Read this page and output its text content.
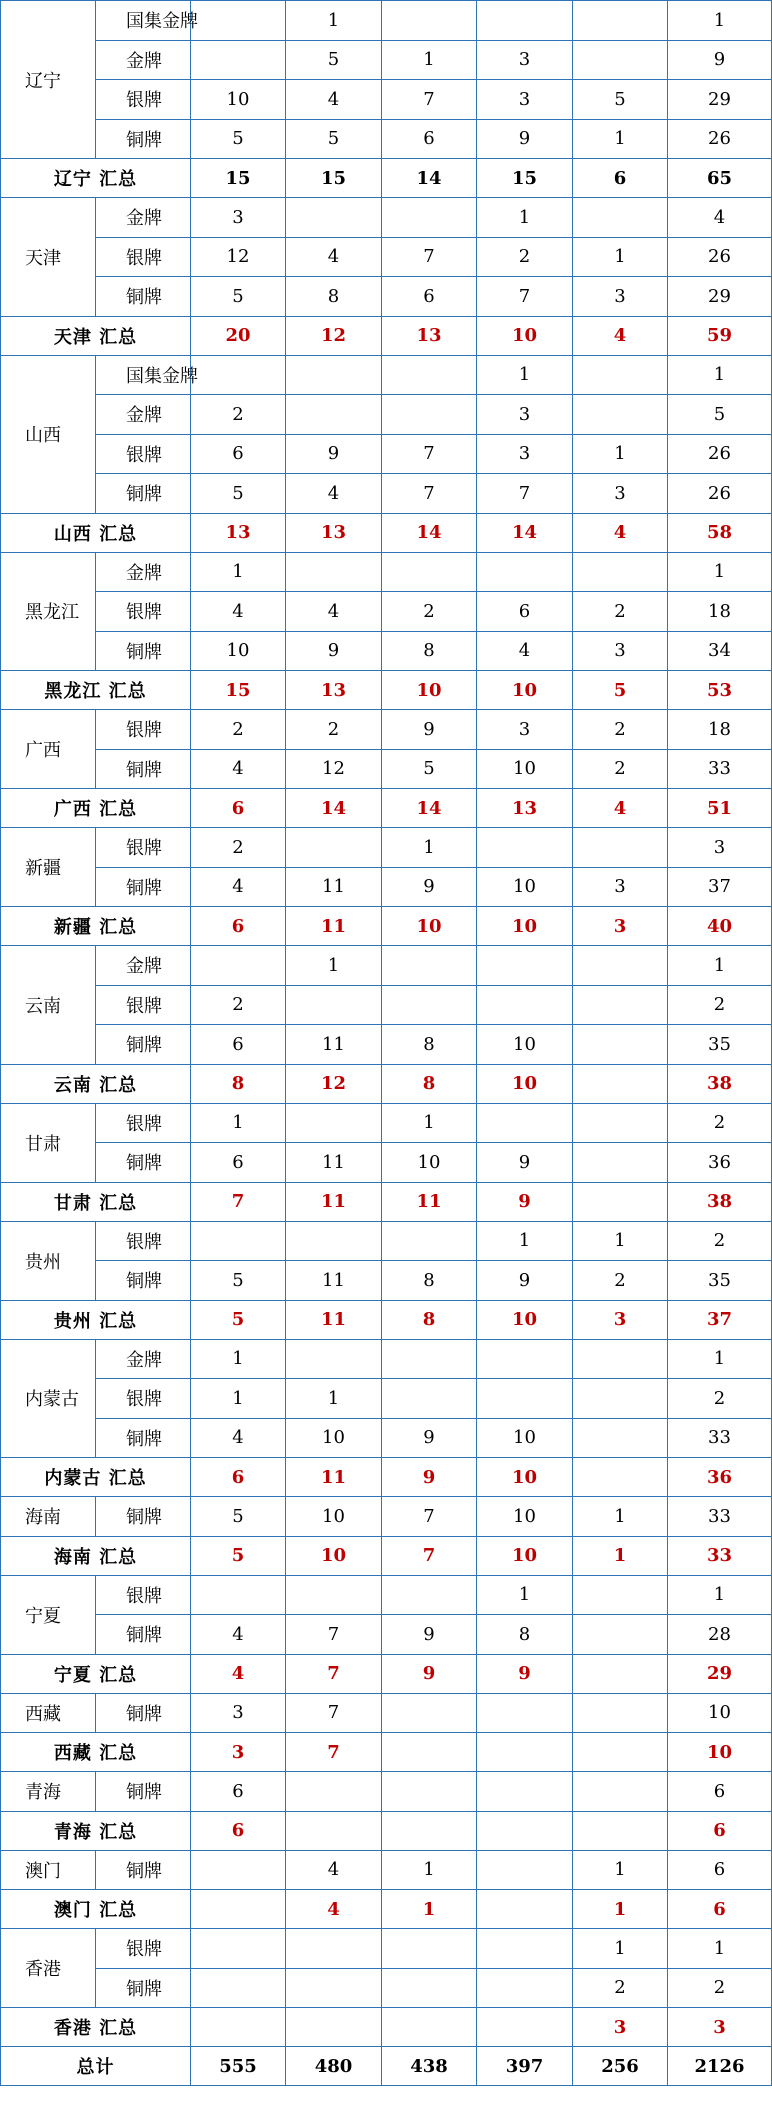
辽宁	国集金牌		1				1
	金牌		5	1	3		9
	银牌	10	4	7	3	5	29
	铜牌	5	5	6	9	1	26
辽宁 汇总		15	15	14	15	6	65
天津	金牌	3			1		4
	银牌	12	4	7	2	1	26
	铜牌	5	8	6	7	3	29
天津 汇总		20	12	13	10	4	59
山西	国集金牌				1		1
	金牌	2			3		5
	银牌	6	9	7	3	1	26
	铜牌	5	4	7	7	3	26
山西 汇总		13	13	14	14	4	58
黑龙江	金牌	1					1
	银牌	4	4	2	6	2	18
	铜牌	10	9	8	4	3	34
黑龙江 汇总		15	13	10	10	5	53
广西	银牌	2	2	9	3	2	18
	铜牌	4	12	5	10	2	33
广西 汇总		6	14	14	13	4	51
新疆	银牌	2		1			3
	铜牌	4	11	9	10	3	37
新疆 汇总		6	11	10	10	3	40
云南	金牌		1				1
	银牌	2					2
	铜牌	6	11	8	10		35
云南 汇总		8	12	8	10		38
甘肃	银牌	1		1			2
	铜牌	6	11	10	9		36
甘肃 汇总		7	11	11	9		38
贵州	银牌				1	1	2
	铜牌	5	11	8	9	2	35
贵州 汇总		5	11	8	10	3	37
内蒙古	金牌	1					1
	银牌	1	1				2
	铜牌	4	10	9	10		33
内蒙古 汇总		6	11	9	10		36
海南	铜牌	5	10	7	10	1	33
海南 汇总		5	10	7	10	1	33
宁夏	银牌				1		1
	铜牌	4	7	9	8		28
宁夏 汇总		4	7	9	9		29
西藏	铜牌	3	7				10
西藏 汇总		3	7				10
青海	铜牌	6					6
青海 汇总		6					6
澳门	铜牌		4	1		1	6
澳门 汇总			4	1		1	6
香港	银牌					1	1
	铜牌					2	2
香港 汇总						3	3
总计		555	480	438	397	256	2126
